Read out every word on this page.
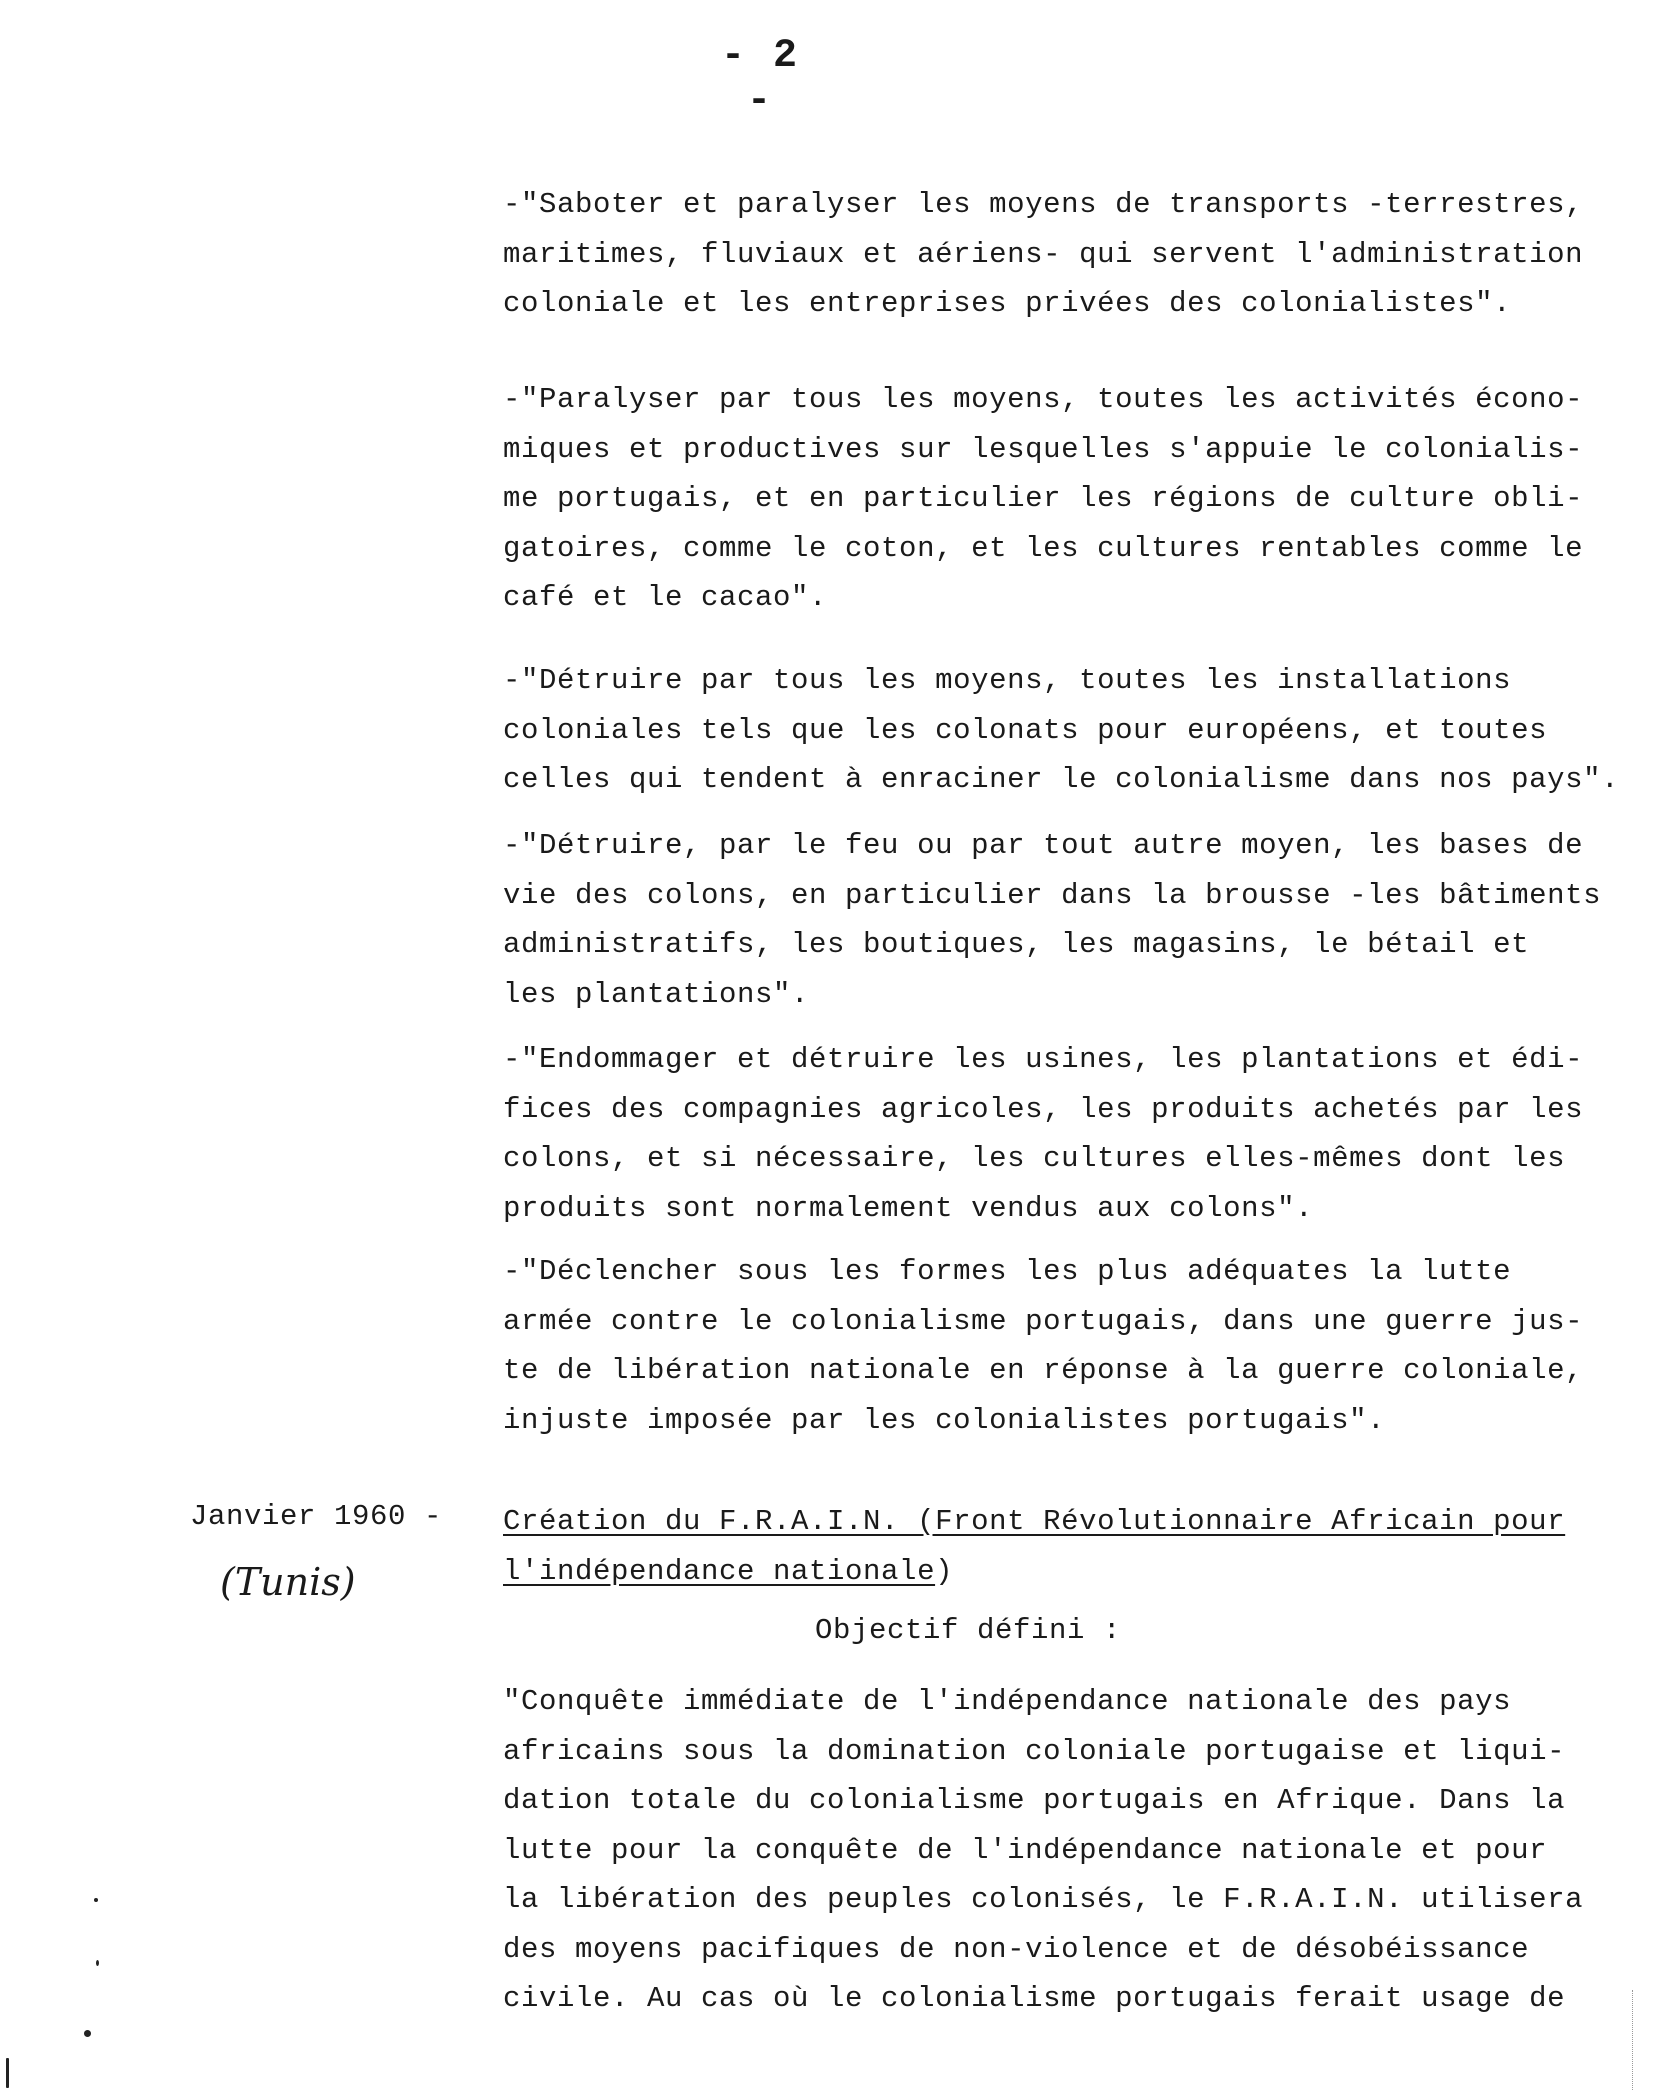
- 2 -
-"Saboter et paralyser les moyens de transports -terrestres,
maritimes, fluviaux et aériens- qui servent l'administration
coloniale et les entreprises privées des colonialistes".
-"Paralyser par tous les moyens, toutes les activités écono-
miques et productives sur lesquelles s'appuie le colonialis-
me portugais, et en particulier les régions de culture obli-
gatoires, comme le coton, et les cultures rentables comme le
café et le cacao".
-"Détruire par tous les moyens, toutes les installations
coloniales tels que les colonats pour européens, et toutes
celles qui tendent à enraciner le colonialisme dans nos pays".
-"Détruire, par le feu ou par tout autre moyen, les bases de
vie des colons, en particulier dans la brousse -les bâtiments
administratifs, les boutiques, les magasins, le bétail et
les plantations".
-"Endommager et détruire les usines, les plantations et édi-
fices des compagnies agricoles, les produits achetés par les
colons, et si nécessaire, les cultures elles-mêmes dont les
produits sont normalement vendus aux colons".
-"Déclencher sous les formes les plus adéquates la lutte
armée contre le colonialisme portugais, dans une guerre jus-
te de libération nationale en réponse à la guerre coloniale,
injuste imposée par les colonialistes portugais".
Janvier 1960 -
(Tunis)
Création du F.R.A.I.N. (Front Révolutionnaire Africain pour
l'indépendance nationale)
Objectif défini :
"Conquête immédiate de l'indépendance nationale des pays
africains sous la domination coloniale portugaise et liqui-
dation totale du colonialisme portugais en Afrique. Dans la
lutte pour la conquête de l'indépendance nationale et pour
la libération des peuples colonisés, le F.R.A.I.N. utilisera
des moyens pacifiques de non-violence et de désobéissance
civile. Au cas où le colonialisme portugais ferait usage de
